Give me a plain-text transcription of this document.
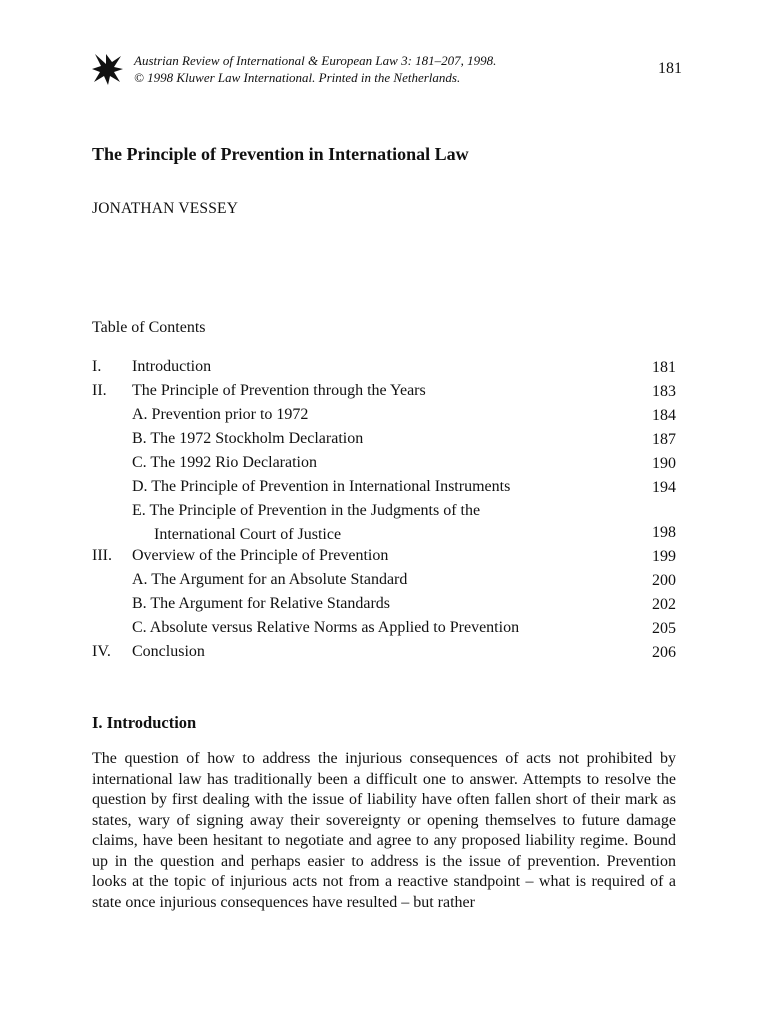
Austrian Review of International & European Law 3: 181–207, 1998.
© 1998 Kluwer Law International. Printed in the Netherlands.
181
The Principle of Prevention in International Law
JONATHAN VESSEY
Table of Contents
I. Introduction	181
II. The Principle of Prevention through the Years	183
A. Prevention prior to 1972	184
B. The 1972 Stockholm Declaration	187
C. The 1992 Rio Declaration	190
D. The Principle of Prevention in International Instruments	194
E. The Principle of Prevention in the Judgments of the
International Court of Justice	198
III. Overview of the Principle of Prevention	199
A. The Argument for an Absolute Standard	200
B. The Argument for Relative Standards	202
C. Absolute versus Relative Norms as Applied to Prevention	205
IV. Conclusion	206
I. Introduction
The question of how to address the injurious consequences of acts not prohibited by international law has traditionally been a difficult one to answer. Attempts to resolve the question by first dealing with the issue of liability have often fallen short of their mark as states, wary of signing away their sovereignty or opening themselves to future damage claims, have been hesitant to negotiate and agree to any proposed liability regime. Bound up in the question and perhaps easier to address is the issue of prevention. Prevention looks at the topic of injurious acts not from a reactive standpoint – what is required of a state once injurious consequences have resulted – but rather
